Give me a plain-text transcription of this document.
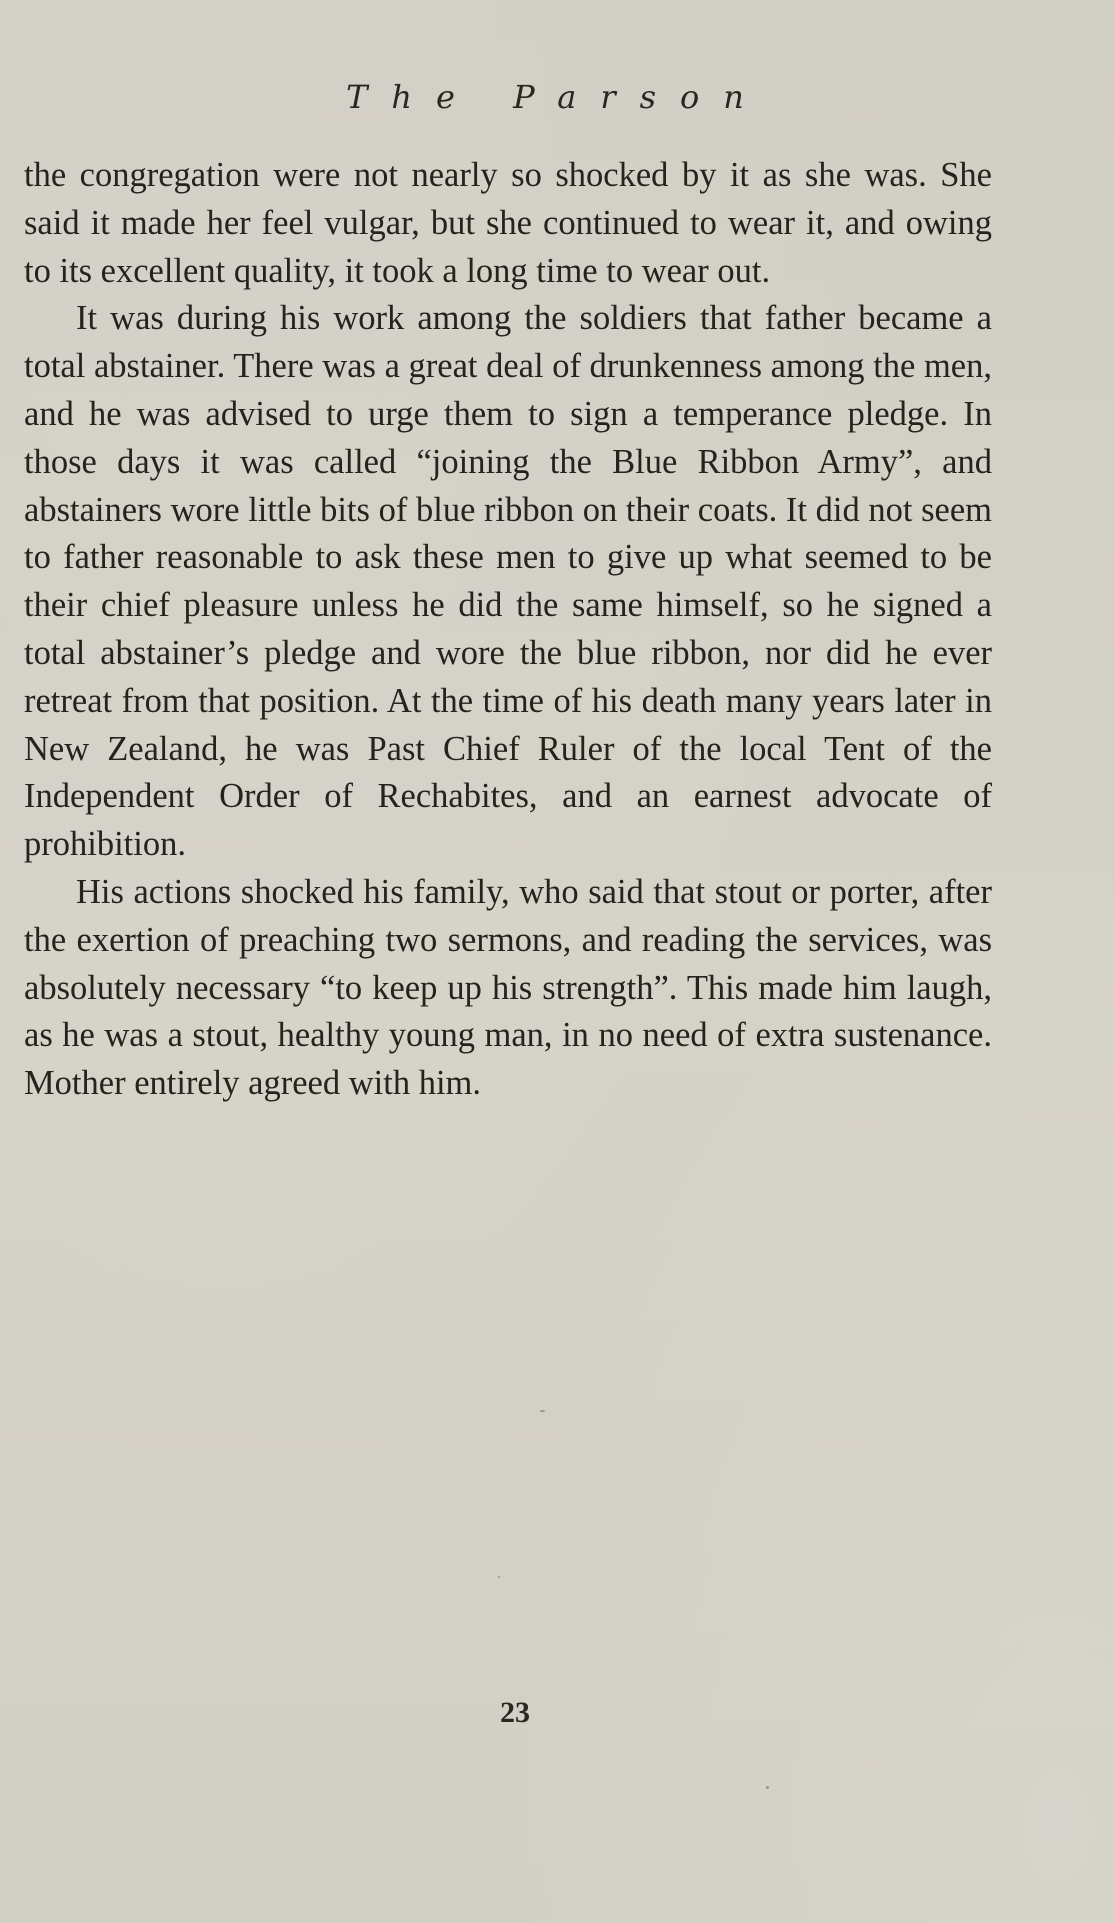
The Parson

the congregation were not nearly so shocked by it as she was. She said it made her feel vulgar, but she continued to wear it, and owing to its excellent quality, it took a long time to wear out.

It was during his work among the soldiers that father became a total abstainer. There was a great deal of drunkenness among the men, and he was advised to urge them to sign a temperance pledge. In those days it was called “joining the Blue Ribbon Army”, and abstainers wore little bits of blue ribbon on their coats. It did not seem to father reasonable to ask these men to give up what seemed to be their chief pleasure unless he did the same himself, so he signed a total abstainer’s pledge and wore the blue ribbon, nor did he ever retreat from that position. At the time of his death many years later in New Zealand, he was Past Chief Ruler of the local Tent of the Independent Order of Rechabites, and an earnest advocate of prohibition.

His actions shocked his family, who said that stout or porter, after the exertion of preaching two sermons, and reading the services, was absolutely necessary “to keep up his strength”. This made him laugh, as he was a stout, healthy young man, in no need of extra sustenance. Mother entirely agreed with him.

23
